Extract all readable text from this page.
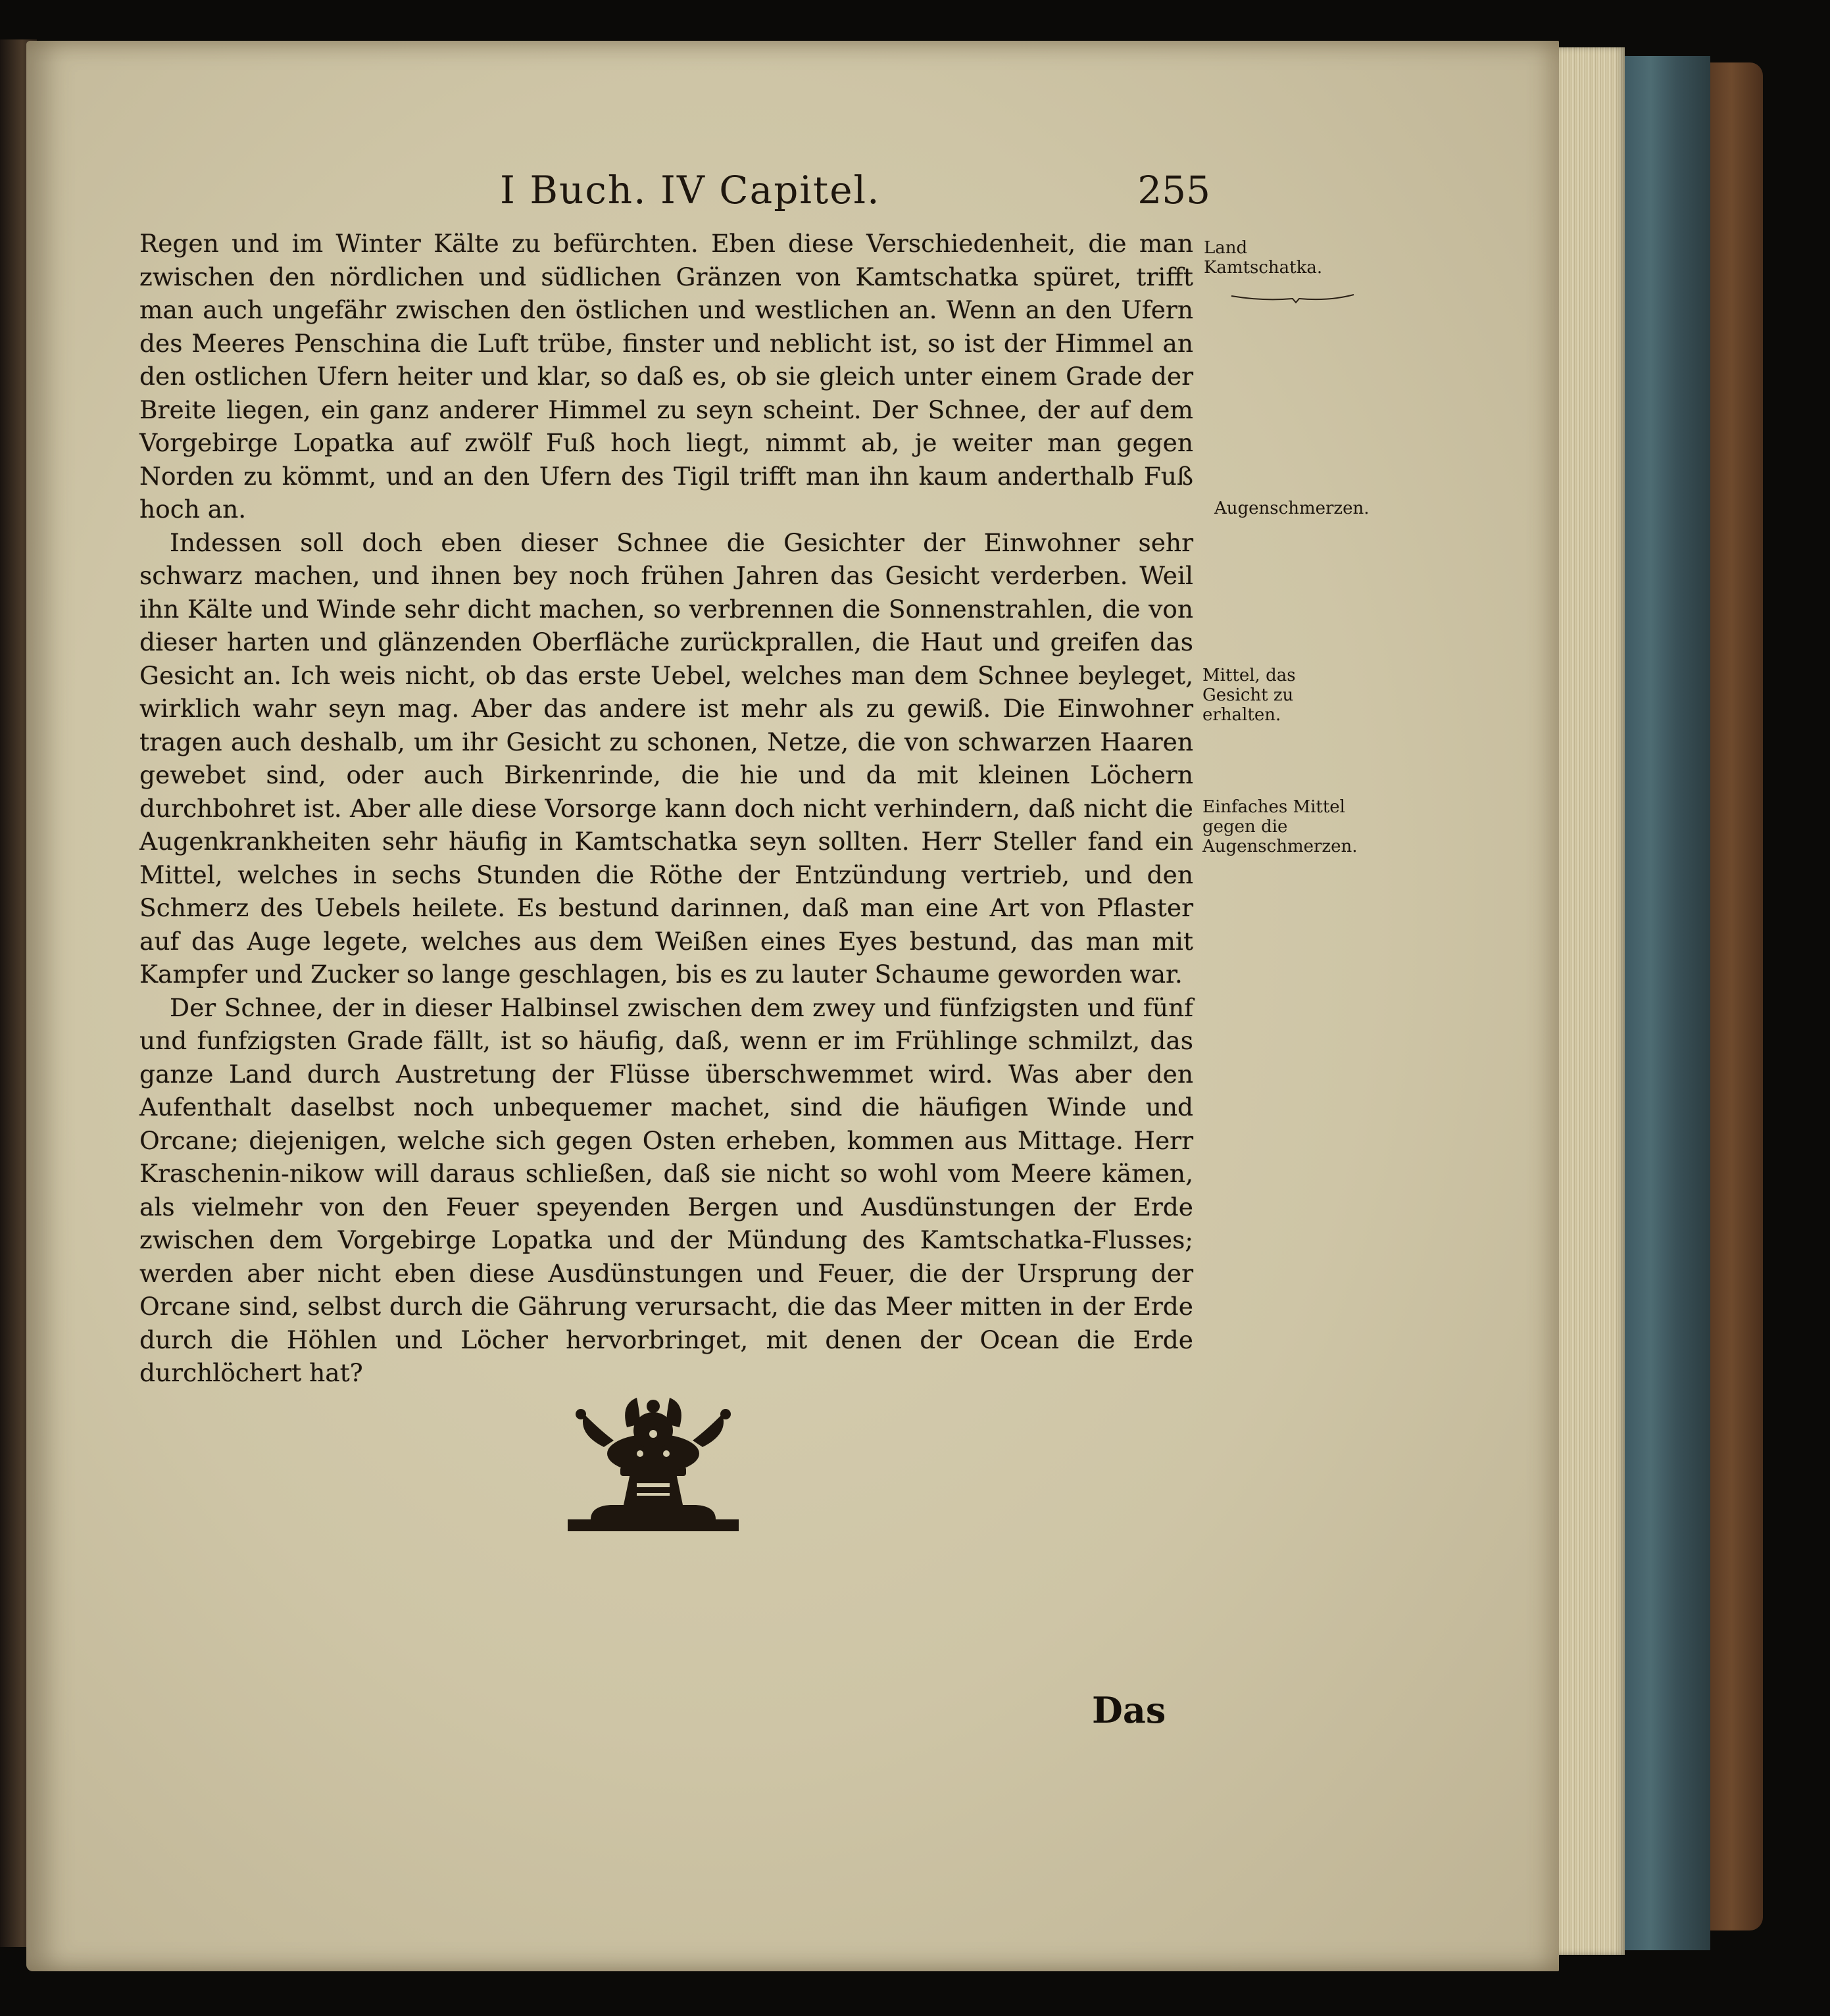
I Buch. IV Capitel.	255

Regen und im Winter Kälte zu befürchten. Eben diese Verschiedenheit, die man zwischen den nördlichen und südlichen Gränzen von Kamtschatka spüret, trifft man auch ungefähr zwischen den östlichen und westlichen an. Wenn an den Ufern des Meeres Penschina die Luft trübe, finster und neblicht ist, so ist der Himmel an den ostlichen Ufern heiter und klar, so daß es, ob sie gleich unter einem Grade der Breite liegen, ein ganz anderer Himmel zu seyn scheint. Der Schnee, der auf dem Vorgebirge Lopatka auf zwölf Fuß hoch liegt, nimmt ab, je weiter man gegen Norden zu kömmt, und an den Ufern des Tigil trifft man ihn kaum anderthalb Fuß hoch an.

Indessen soll doch eben dieser Schnee die Gesichter der Einwohner sehr schwarz machen, und ihnen bey noch frühen Jahren das Gesicht verderben. Weil ihn Kälte und Winde sehr dicht machen, so verbrennen die Sonnenstrahlen, die von dieser harten und glänzenden Oberfläche zurückprallen, die Haut und greifen das Gesicht an. Ich weis nicht, ob das erste Uebel, welches man dem Schnee beyleget, wirklich wahr seyn mag. Aber das andere ist mehr als zu gewiß. Die Einwohner tragen auch deshalb, um ihr Gesicht zu schonen, Netze, die von schwarzen Haaren gewebet sind, oder auch Birkenrinde, die hie und da mit kleinen Löchern durchbohret ist. Aber alle diese Vorsorge kann doch nicht verhindern, daß nicht die Augenkrankheiten sehr häufig in Kamtschatka seyn sollten. Herr Steller fand ein Mittel, welches in sechs Stunden die Röthe der Entzündung vertrieb, und den Schmerz des Uebels heilete. Es bestund darinnen, daß man eine Art von Pflaster auf das Auge legete, welches aus dem Weißen eines Eyes bestund, das man mit Kampfer und Zucker so lange geschlagen, bis es zu lauter Schaume geworden war.

Der Schnee, der in dieser Halbinsel zwischen dem zwey und fünfzigsten und fünf und funfzigsten Grade fällt, ist so häufig, daß, wenn er im Frühlinge schmilzt, das ganze Land durch Austretung der Flüsse überschwemmet wird. Was aber den Aufenthalt daselbst noch unbequemer machet, sind die häufigen Winde und Orcane; diejenigen, welche sich gegen Osten erheben, kommen aus Mittage. Herr Kraschenin-nikow will daraus schließen, daß sie nicht so wohl vom Meere kämen, als vielmehr von den Feuer speyenden Bergen und Ausdünstungen der Erde zwischen dem Vorgebirge Lopatka und der Mündung des Kamtschatka-Flusses; werden aber nicht eben diese Ausdünstungen und Feuer, die der Ursprung der Orcane sind, selbst durch die Gährung verursacht, die das Meer mitten in der Erde durch die Höhlen und Löcher hervorbringet, mit denen der Ocean die Erde durchlöchert hat?

Land Kamtschatka.
Augenschmerzen.
Mittel, das Gesicht zu erhalten.
Einfaches Mittel gegen die Augenschmerzen.
Das
